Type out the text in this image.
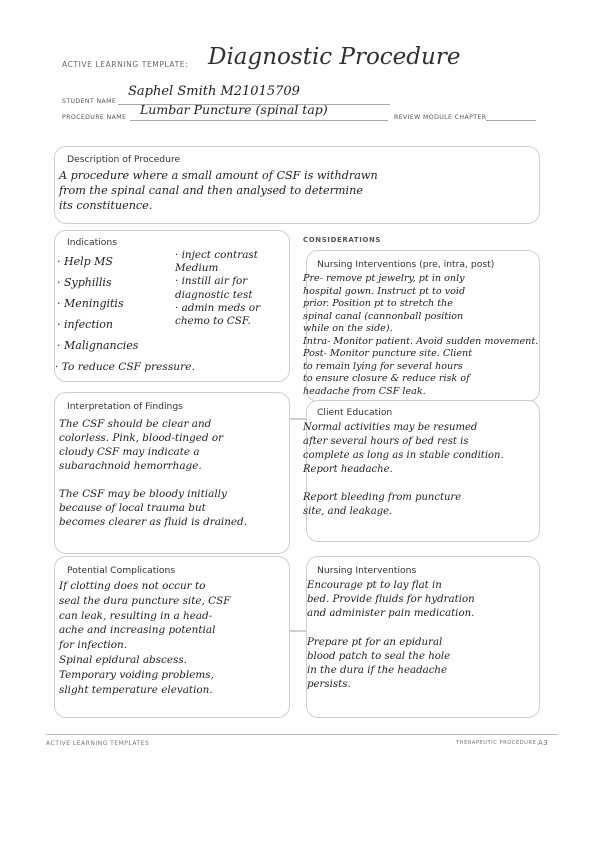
ACTIVE LEARNING TEMPLATE: Diagnostic Procedure
STUDENT NAME
Saphel Smith M21015709
PROCEDURE NAME
Lumbar Puncture (spinal tap)
REVIEW MODULE CHAPTER
Description of Procedure
A procedure where a small amount of CSF is withdrawn
from the spinal canal and then analysed to determine
its constituence.
CONSIDERATIONS
Indications
· Help MS
· Syphillis
· Meningitis
· infection
· Malignancies
· inject contrast
Medium
· instill air for
diagnostic test
· admin meds or
chemo to CSF.
· To reduce CSF pressure.
Nursing Interventions (pre, intra, post)
Pre- remove pt jewelry, pt in only
hospital gown. Instruct pt to void
prior. Position pt to stretch the
spinal canal (cannonball position
while on the side).
Intra- Monitor patient. Avoid sudden movement.
Post- Monitor puncture site. Client
to remain lying for several hours
to ensure closure & reduce risk of
headache from CSF leak.
Interpretation of Findings
The CSF should be clear and
colorless. Pink, blood-tinged or
cloudy CSF may indicate a
subarachnoid hemorrhage.

The CSF may be bloody initially
because of local trauma but
becomes clearer as fluid is drained.
Client Education
Normal activities may be resumed
after several hours of bed rest is
complete as long as in stable condition.
Report headache.

Report bleeding from puncture
site, and leakage.
Potential Complications
If clotting does not occur to
seal the dura puncture site, CSF
can leak, resulting in a head-
ache and increasing potential
for infection.
Spinal epidural abscess.
Temporary voiding problems,
slight temperature elevation.
Nursing Interventions
Encourage pt to lay flat in
bed. Provide fluids for hydration
and administer pain medication.

Prepare pt for an epidural
blood patch to seal the hole
in the dura if the headache
persists.
ACTIVE LEARNING TEMPLATES	THERAPEUTIC PROCEDURE A3
